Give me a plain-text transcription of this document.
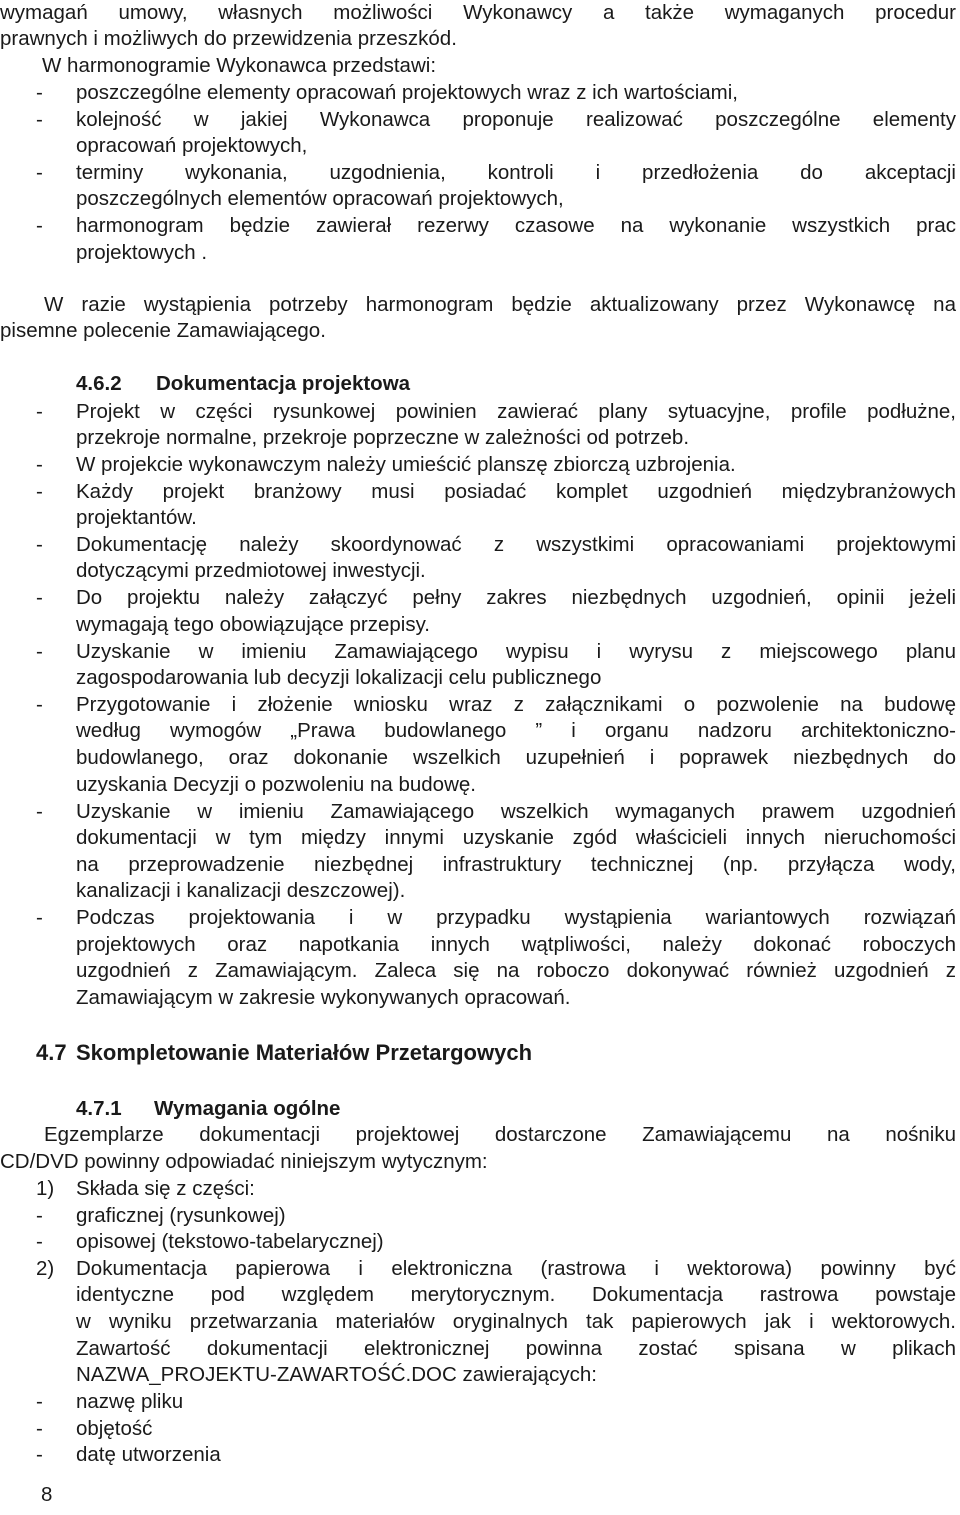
wymagań umowy, własnych możliwości Wykonawcy a także wymaganych procedur
prawnych i możliwych do przewidzenia przeszkód.
W harmonogramie Wykonawca przedstawi:
- poszczególne elementy opracowań projektowych wraz z ich wartościami,
- kolejność w jakiej Wykonawca proponuje realizować poszczególne elementy
opracowań projektowych,
- terminy wykonania, uzgodnienia, kontroli i przedłożenia do akceptacji
poszczególnych elementów opracowań projektowych,
- harmonogram będzie zawierał rezerwy czasowe na wykonanie wszystkich prac
projektowych .
W razie wystąpienia potrzeby harmonogram będzie aktualizowany przez Wykonawcę na
pisemne polecenie Zamawiającego.
4.6.2 Dokumentacja projektowa
- Projekt w części rysunkowej powinien zawierać plany sytuacyjne, profile podłużne,
przekroje normalne, przekroje poprzeczne w zależności od potrzeb.
- W projekcie wykonawczym należy umieścić planszę zbiorczą uzbrojenia.
- Każdy projekt branżowy musi posiadać komplet uzgodnień międzybranżowych
projektantów.
- Dokumentację należy skoordynować z wszystkimi opracowaniami projektowymi
dotyczącymi przedmiotowej inwestycji.
- Do projektu należy załączyć pełny zakres niezbędnych uzgodnień, opinii jeżeli
wymagają tego obowiązujące przepisy.
- Uzyskanie w imieniu Zamawiającego wypisu i wyrysu z miejscowego planu
zagospodarowania lub decyzji lokalizacji celu publicznego
- Przygotowanie i złożenie wniosku wraz z załącznikami o pozwolenie na budowę
według wymogów „Prawa budowlanego ” i organu nadzoru architektoniczno-
budowlanego, oraz dokonanie wszelkich uzupełnień i poprawek niezbędnych do
uzyskania Decyzji o pozwoleniu na budowę.
- Uzyskanie w imieniu Zamawiającego wszelkich wymaganych prawem uzgodnień
dokumentacji w tym między innymi uzyskanie zgód właścicieli innych nieruchomości
na przeprowadzenie niezbędnej infrastruktury technicznej (np. przyłącza wody,
kanalizacji i kanalizacji deszczowej).
- Podczas projektowania i w przypadku wystąpienia wariantowych rozwiązań
projektowych oraz napotkania innych wątpliwości, należy dokonać roboczych
uzgodnień z Zamawiającym. Zaleca się na roboczo dokonywać również uzgodnień z
Zamawiającym w zakresie wykonywanych opracowań.
4.7 Skompletowanie Materiałów Przetargowych
4.7.1 Wymagania ogólne
Egzemplarze dokumentacji projektowej dostarczone Zamawiającemu na nośniku
CD/DVD powinny odpowiadać niniejszym wytycznym:
1) Składa się z części:
- graficznej (rysunkowej)
- opisowej (tekstowo-tabelarycznej)
2) Dokumentacja papierowa i elektroniczna (rastrowa i wektorowa) powinny być
identyczne pod względem merytorycznym. Dokumentacja rastrowa powstaje
w wyniku przetwarzania materiałów oryginalnych tak papierowych jak i wektorowych.
Zawartość dokumentacji elektronicznej powinna zostać spisana w plikach
NAZWA_PROJEKTU-ZAWARTOŚĆ.DOC zawierających:
- nazwę pliku
- objętość
- datę utworzenia
8
